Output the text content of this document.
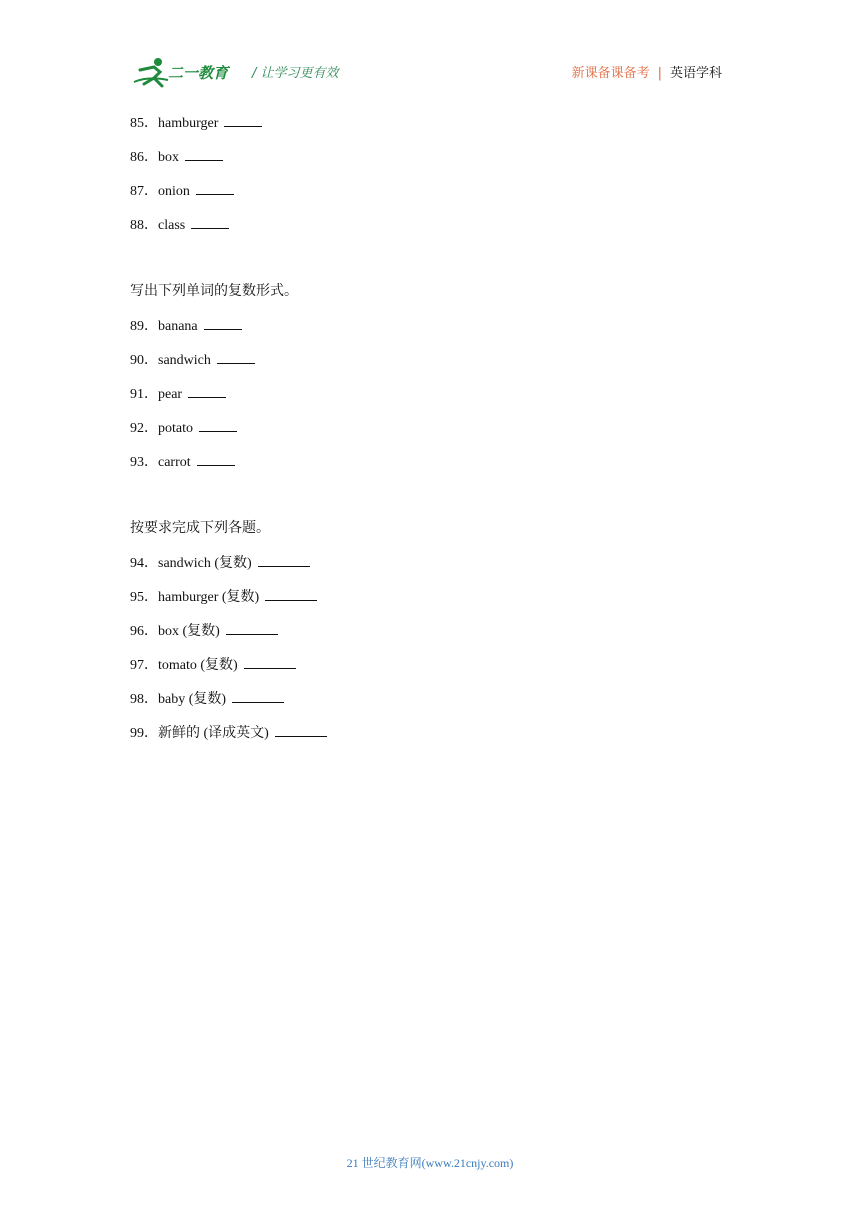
二一教育 / 让学习更有效	新课备课备考 | 英语学科
85．hamburger
86．box
87．onion
88．class
写出下列单词的复数形式。
89．banana
90．sandwich
91．pear
92．potato
93．carrot
按要求完成下列各题。
94．sandwich (复数)
95．hamburger (复数)
96．box (复数)
97．tomato (复数)
98．baby (复数)
99．新鲜的 (译成英文)
21 世纪教育网(www.21cnjy.com)
